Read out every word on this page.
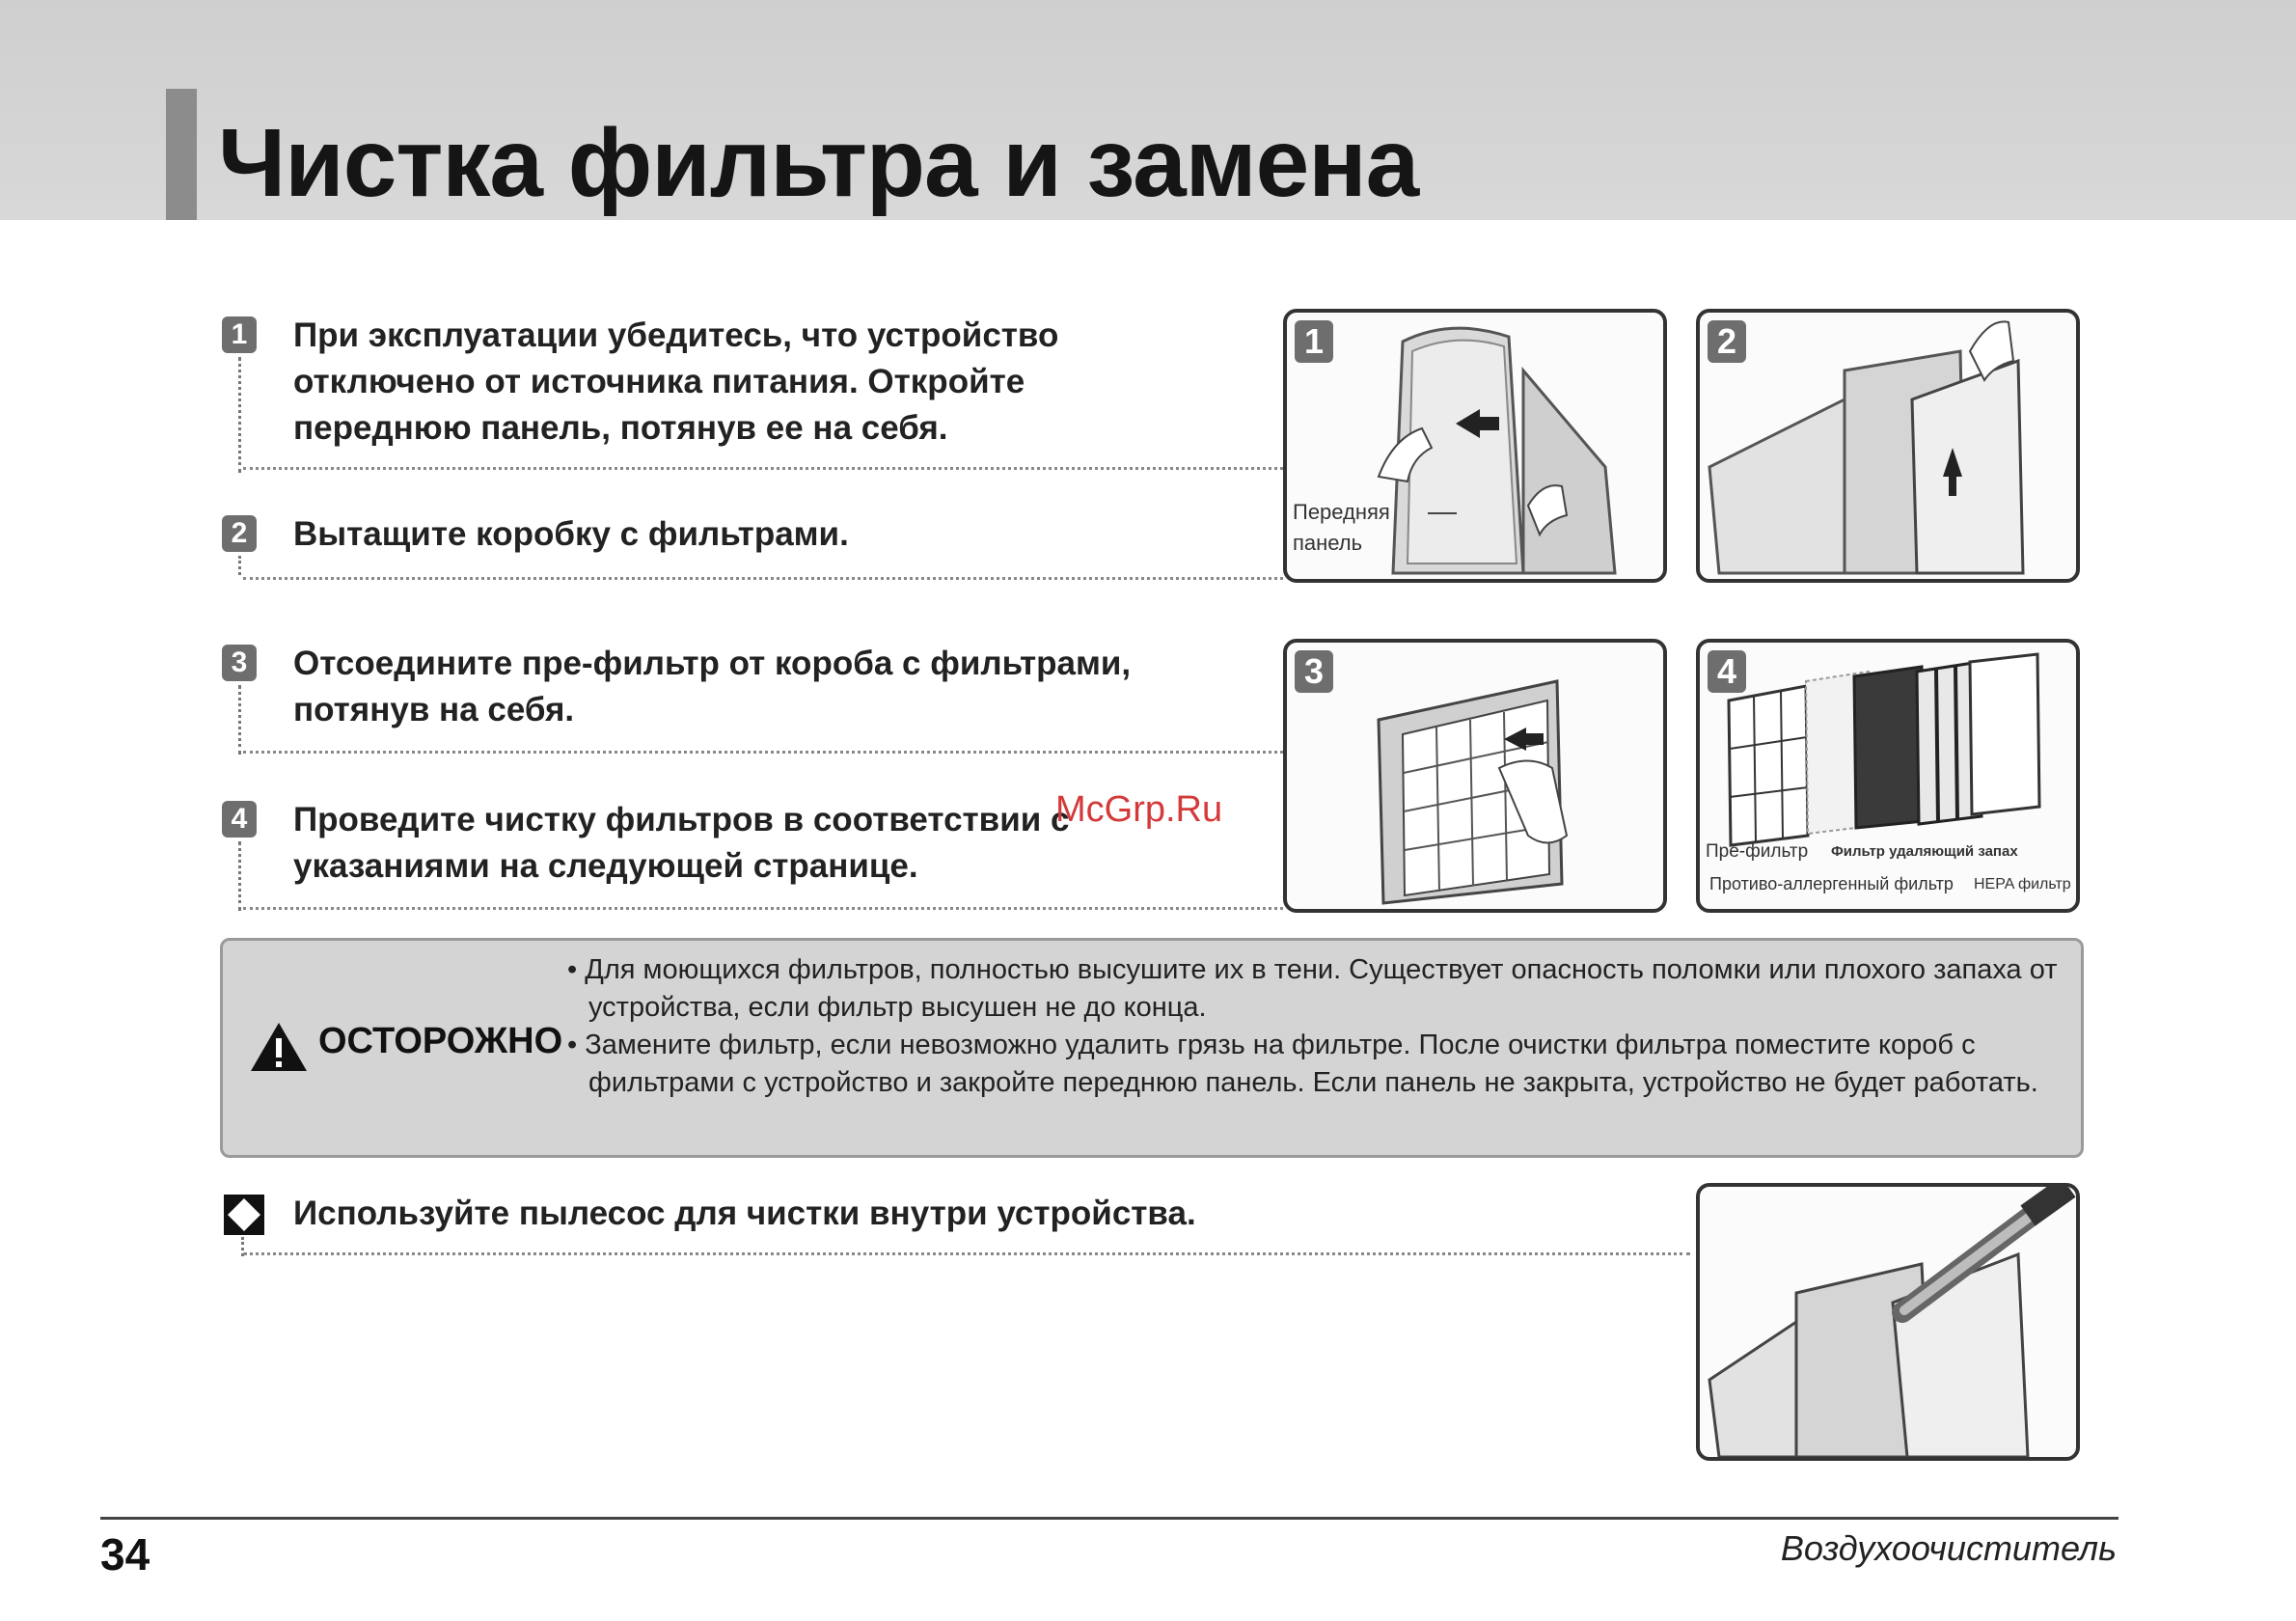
Чистка фильтра и замена
1 При эксплуатации убедитесь, что устройство
отключено от источника питания. Откройте
переднюю панель, потянув ее на себя.
2 Вытащите коробку с фильтрами.
3 Отсоедините пре-фильтр от короба с фильтрами,
потянув на себя.
4 Проведите чистку фильтров в соответствии с
указаниями на следующей странице.
1
Передняя
панель
2
3	4
Пре-фильтр Фильтр удаляющий запах
Противо-аллергенный фильтр HEPA фильтр
McGrp.Ru
ОСТОРОЖНО
• Для моющихся фильтров, полностью высушите их в тени. Существует опасность поломки или плохого запаха от устройства, если фильтр высушен не до конца.
• Замените фильтр, если невозможно удалить грязь на фильтре. После очистки фильтра поместите короб с фильтрами с устройство и закройте переднюю панель. Если панель не закрыта, устройство не будет работать.
Используйте пылесос для чистки внутри устройства.
34	Воздухоочиститель
